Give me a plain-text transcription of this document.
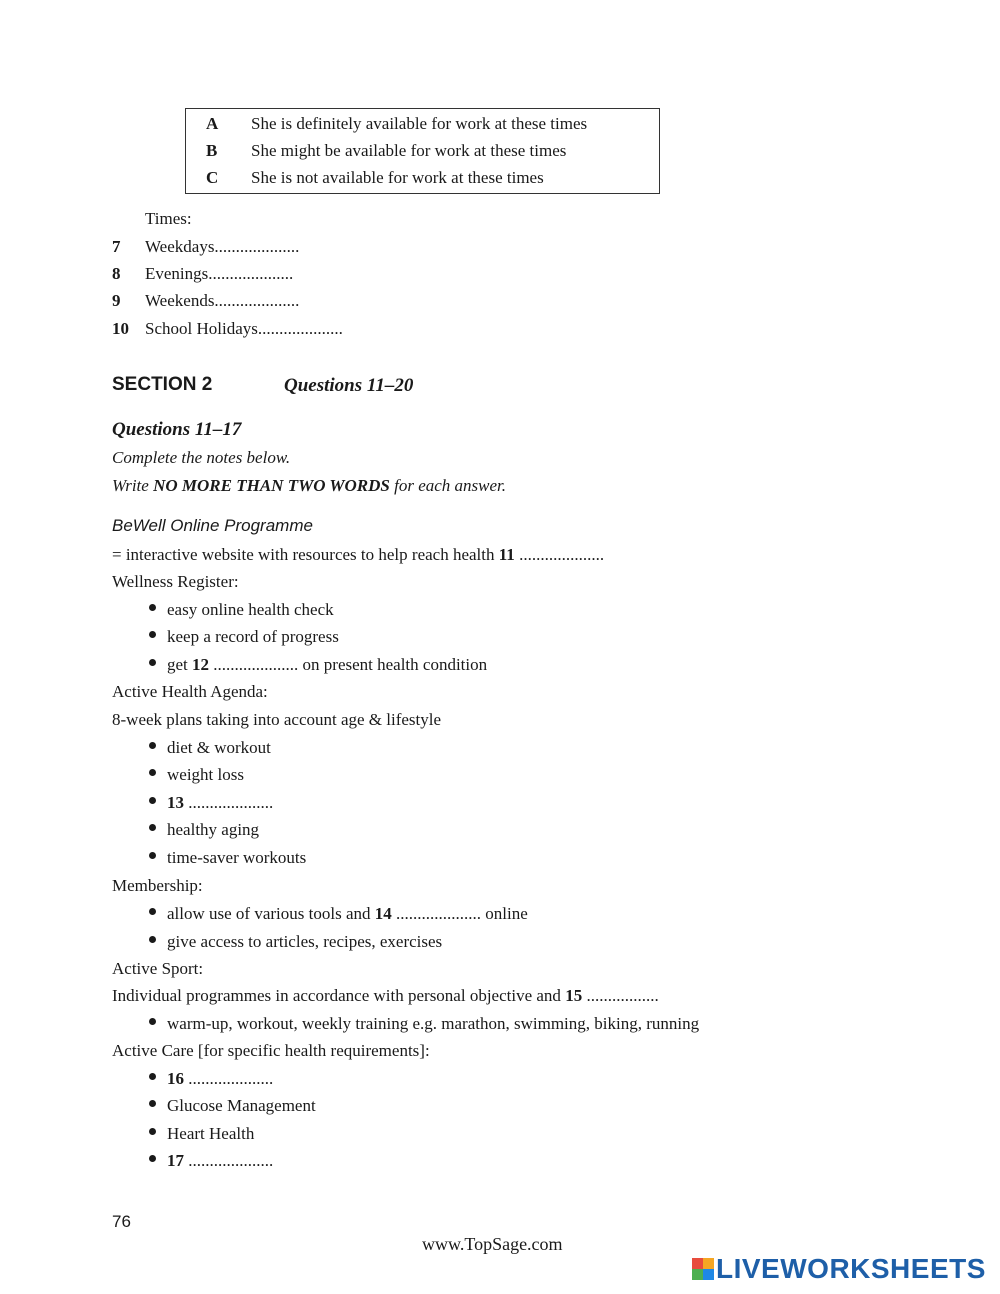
A She is definitely available for work at these times
B She might be available for work at these times
C She is not available for work at these times
Times:
7 Weekdays....................
8 Evenings....................
9 Weekends....................
10 School Holidays....................
SECTION 2	Questions 11–20
Questions 11–17
Complete the notes below.
Write NO MORE THAN TWO WORDS for each answer.
BeWell Online Programme
= interactive website with resources to help reach health 11 ....................
Wellness Register:
easy online health check
keep a record of progress
get 12 .................... on present health condition
Active Health Agenda:
8-week plans taking into account age & lifestyle
diet & workout
weight loss
13 ....................
healthy aging
time-saver workouts
Membership:
allow use of various tools and 14 .................... online
give access to articles, recipes, exercises
Active Sport:
Individual programmes in accordance with personal objective and 15 .................
warm-up, workout, weekly training e.g. marathon, swimming, biking, running
Active Care [for specific health requirements]:
16 ....................
Glucose Management
Heart Health
17 ....................
76
www.TopSage.com
LIVEWORKSHEETS
